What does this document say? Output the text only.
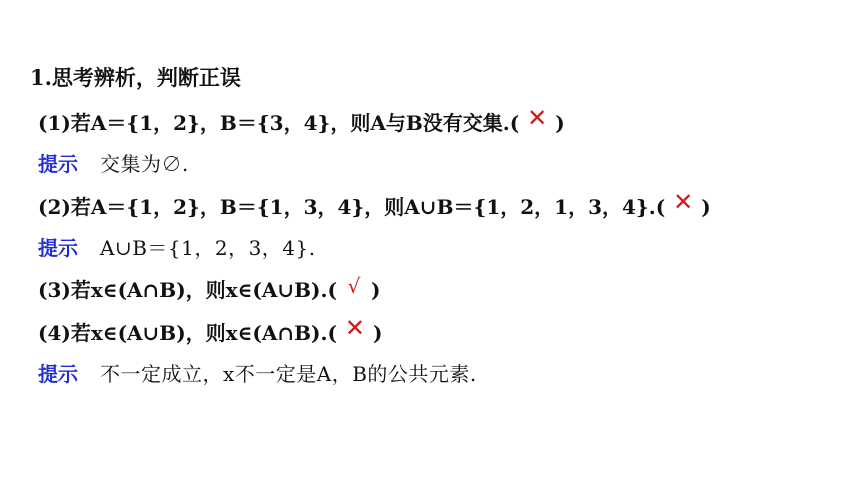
1.思考辨析，判断正误
(1)若A＝{1，2}，B＝{3，4}，则A与B没有交集.( ✕ )
提示 交集为∅.
(2)若A＝{1，2}，B＝{1，3，4}，则A∪B＝{1，2，1，3，4}.( ✕ )
提示 A∪B＝{1，2，3，4}.
(3)若x∈(A∩B)，则x∈(A∪B).( √ )
(4)若x∈(A∪B)，则x∈(A∩B).( ✕ )
提示 不一定成立，x不一定是A，B的公共元素.
